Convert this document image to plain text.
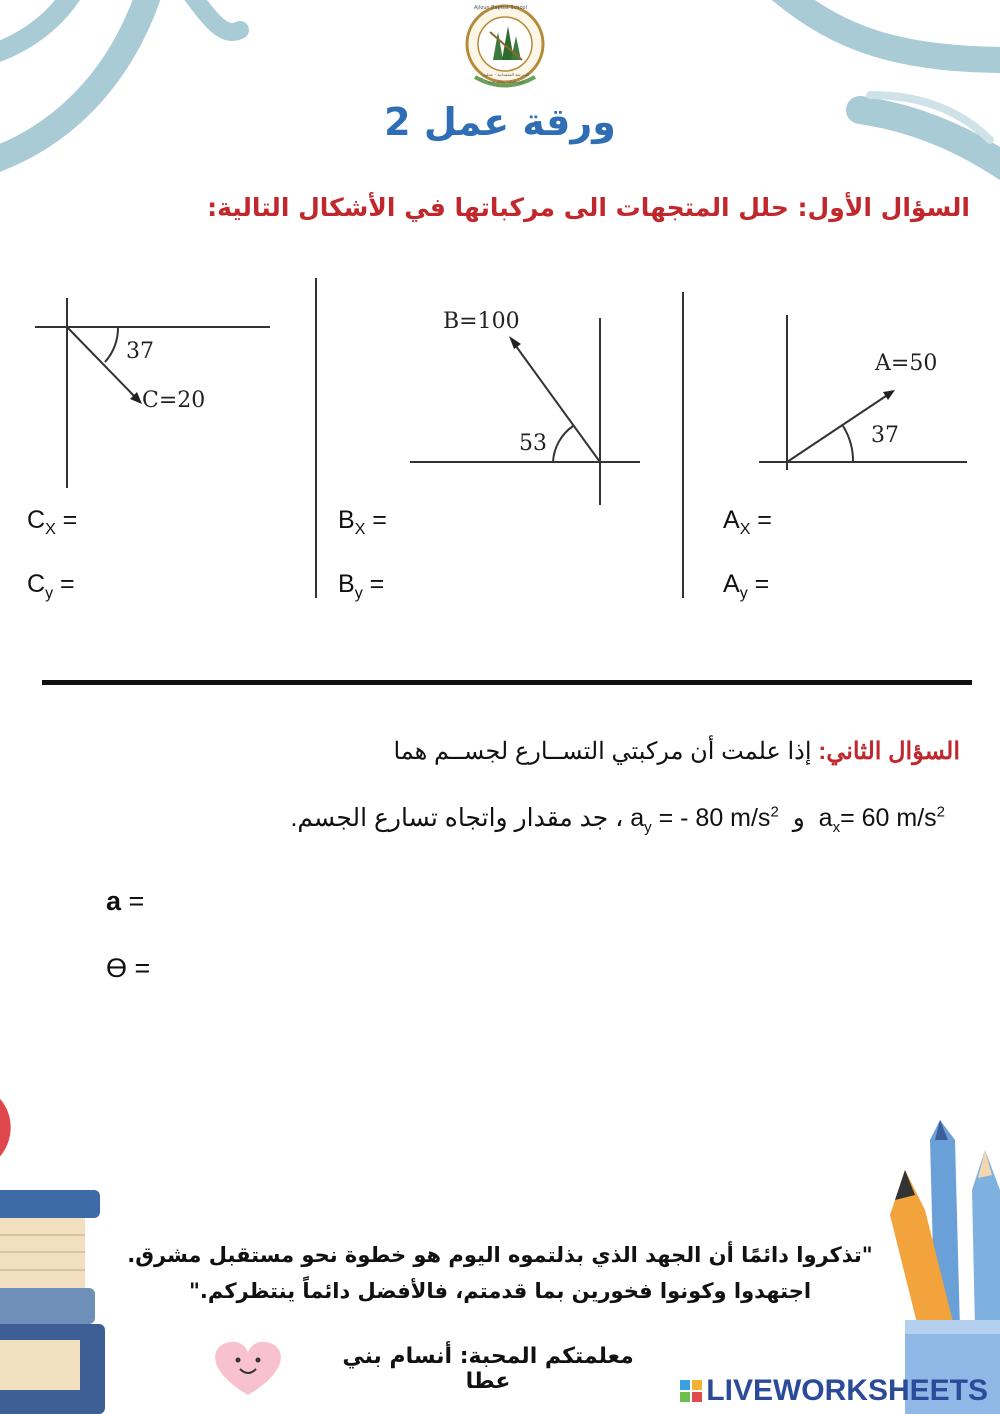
Ajloun Baptist School
المدرسة المعمدانية - عجلون
رأس الحكمة مخافة الرب
ورقة عمل 2
السؤال الأول: حلل المتجهات الى مركباتها في الأشكال التالية:
37
C=20
53
B=100
37
A=50
$C_X$ =
$C_y$ =
$B_X$ =
$B_y$ =
$A_X$ =
$A_y$ =
السؤال الثاني: إذا علمت أن مركبتي التســارع لجســم هما
$a_x= 60$ $m/s^2$  و  $a_y$ = - 80 $m/s^2$ ، جد مقدار واتجاه تسارع الجسم.
a =
ϴ =
"تذكروا دائمًا أن الجهد الذي بذلتموه اليوم هو خطوة نحو مستقبل مشرق.
اجتهدوا وكونوا فخورين بما قدمتم، فالأفضل دائماً ينتظركم."
معلمتكم المحبة: أنسام بني عطا	LIVEWORKSHEETS
